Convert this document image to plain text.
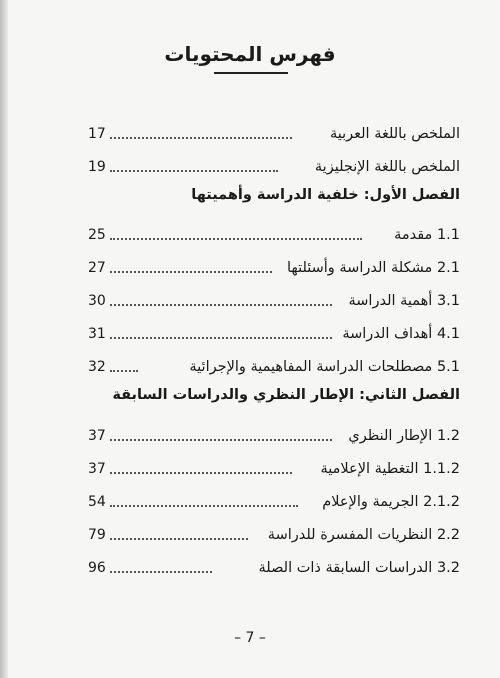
فهرس المحتويات
الملخص باللغة العربية
17
الملخص باللغة الإنجليزية
19
الفصل الأول: خلفية الدراسة وأهميتها
1.1 مقدمة
25
2.1 مشكلة الدراسة وأسئلتها
27
3.1 أهمية الدراسة
30
4.1 أهداف الدراسة
31
5.1 مصطلحات الدراسة المفاهيمية والإجرائية
32
الفصل الثاني: الإطار النظري والدراسات السابقة
1.2 الإطار النظري
37
1.1.2 التغطية الإعلامية
37
2.1.2 الجريمة والإعلام
54
2.2 النظريات المفسرة للدراسة
79
3.2 الدراسات السابقة ذات الصلة
96
– 7 –
